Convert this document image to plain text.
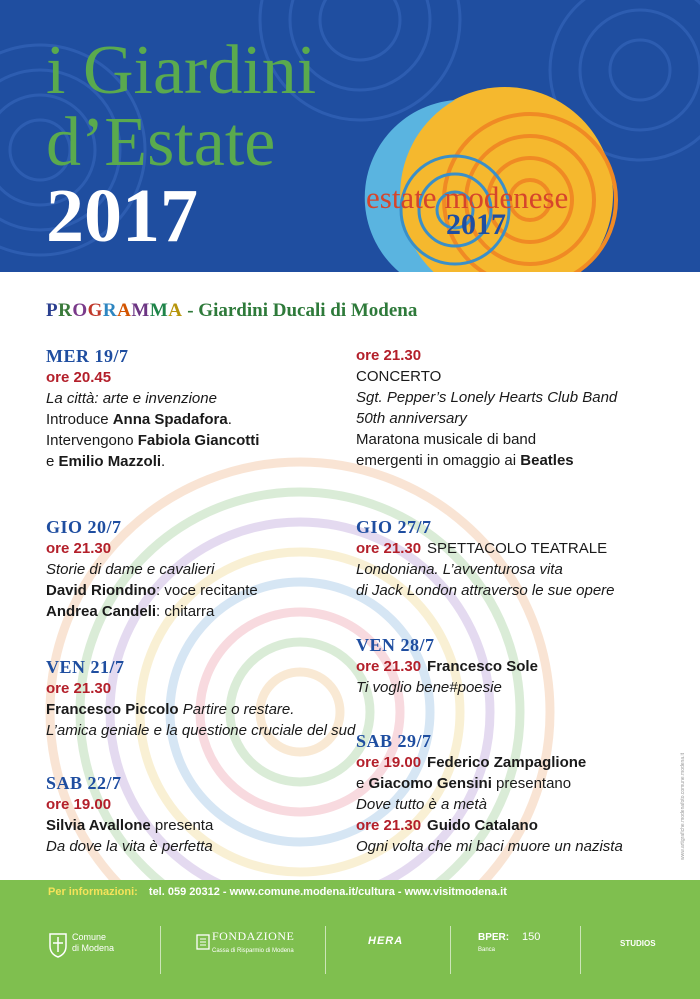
i Giardini
d’Estate
2017	estate modenese
2017
PROGRAMMA - Giardini Ducali di Modena
MER 19/7
ore 20.45
La città: arte e invenzione
Introduce Anna Spadafora.
Intervengono Fabiola Giancotti
e Emilio Mazzoli.
ore 21.30
CONCERTO
Sgt. Pepper’s Lonely Hearts Club Band
50th anniversary
Maratona musicale di band
emergenti in omaggio ai Beatles
GIO 20/7
ore 21.30
Storie di dame e cavalieri
David Riondino: voce recitante
Andrea Candeli: chitarra
VEN 21/7
ore 21.30
Francesco Piccolo Partire o restare.
L’amica geniale e la questione cruciale del sud
SAB 22/7
ore 19.00
Silvia Avallone presenta
Da dove la vita è perfetta
GIO 27/7
ore 21.30 SPETTACOLO TEATRALE
Londoniana. L’avventurosa vita
di Jack London attraverso le sue opere
VEN 28/7
ore 21.30 Francesco Sole
Ti voglio bene#poesie
SAB 29/7
ore 19.00 Federico Zampaglione
e Giacomo Gensini presentano
Dove tutto è a metà
ore 21.30 Guido Catalano
Ogni volta che mi baci muore un nazista	www.artigrafiche.modenafoto.comune.modena.it
Per informazioni: tel. 059 20312 - www.comune.modena.it/cultura - www.visitmodena.it
Comune
di Modena
FONDAZIONE
Cassa di Risparmio di Modena
HERA	BPER:
Banca
150
STUDIOS
